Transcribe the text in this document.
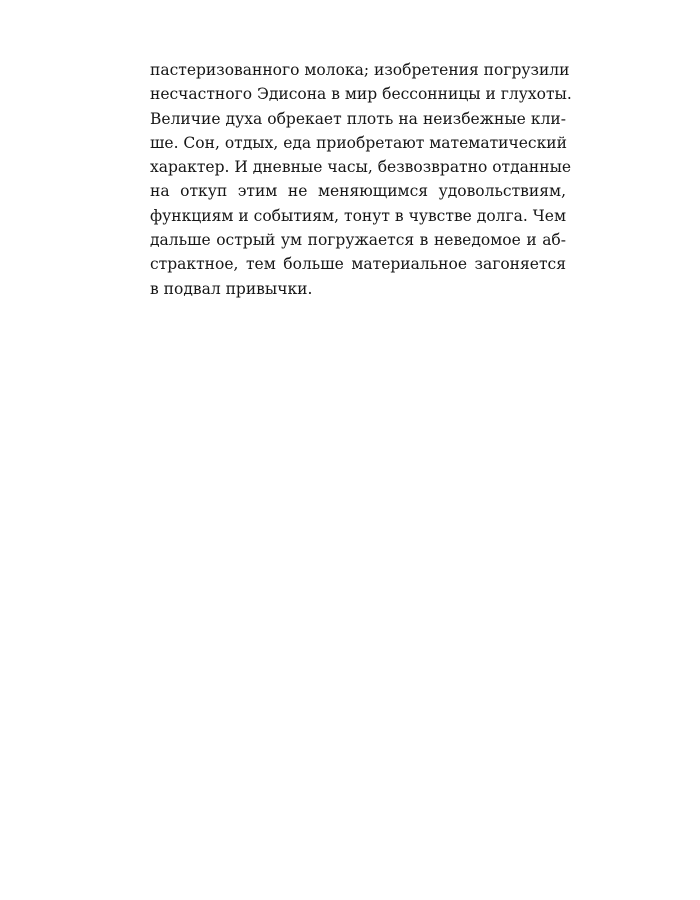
пастеризованного молока; изобретения погрузили
несчастного Эдисона в мир бессонницы и глухоты.
Величие духа обрекает плоть на неизбежные кли-
ше. Сон, отдых, еда приобретают математический
характер. И дневные часы, безвозвратно отданные
на откуп этим не меняющимся удовольствиям,
функциям и событиям, тонут в чувстве долга. Чем
дальше острый ум погружается в неведомое и аб-
страктное, тем больше материальное загоняется
в подвал привычки.
